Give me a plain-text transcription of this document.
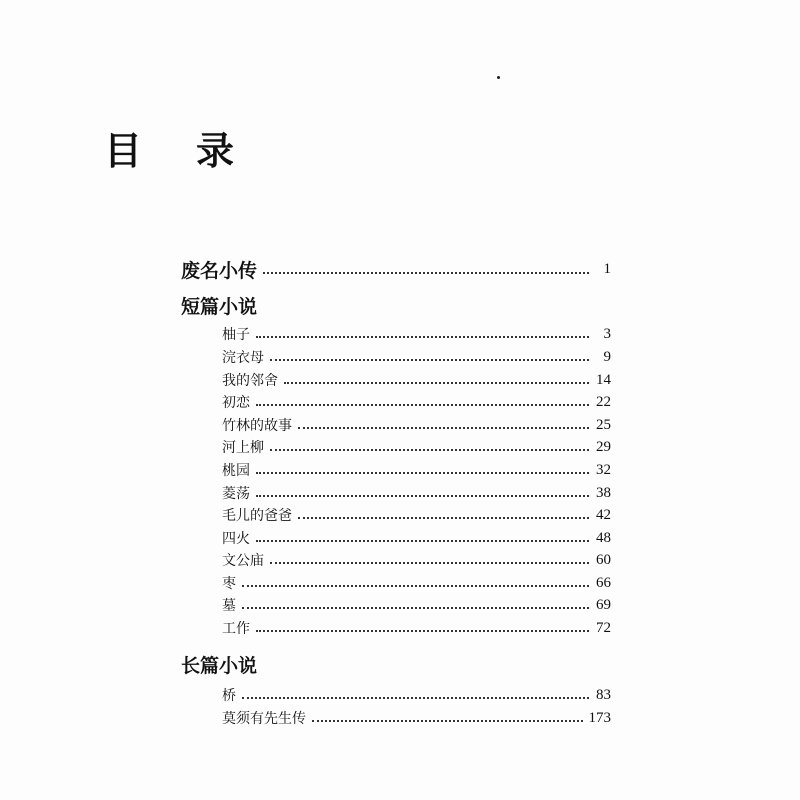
目 录
废名小传	1
短篇小说
柚子	3
浣衣母	9
我的邻舍	14
初恋	22
竹林的故事	25
河上柳	29
桃园	32
菱荡	38
毛儿的爸爸	42
四火	48
文公庙	60
枣	66
墓	69
工作	72
长篇小说
桥	83
莫须有先生传	173
